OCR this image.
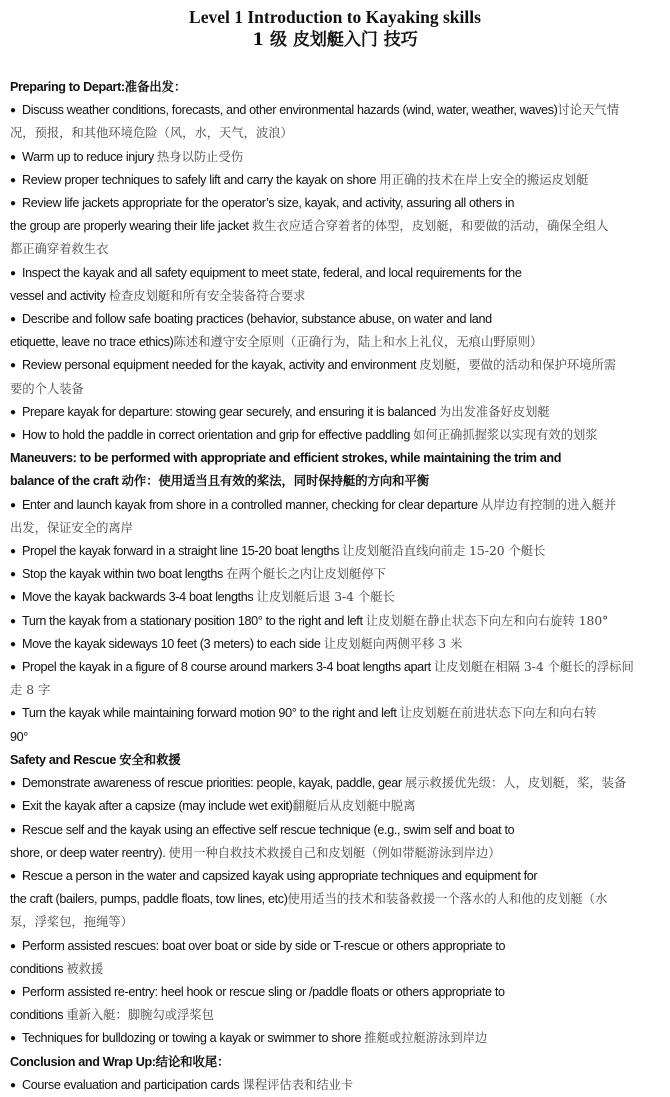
Level 1 Introduction to Kayaking skills
1 级 皮划艇入门 技巧
Preparing to Depart:准备出发：
● Discuss weather conditions, forecasts, and other environmental hazards (wind, water, weather, waves)讨论天气情
况，预报，和其他环境危险（风，水，天气，波浪）
● Warm up to reduce injury 热身以防止受伤
● Review proper techniques to safely lift and carry the kayak on shore 用正确的技术在岸上安全的搬运皮划艇
● Review life jackets appropriate for the operator’s size, kayak, and activity, assuring all others in
the group are properly wearing their life jacket 救生衣应适合穿着者的体型，皮划艇，和要做的活动，确保全组人
都正确穿着救生衣
● Inspect the kayak and all safety equipment to meet state, federal, and local requirements for the
vessel and activity 检查皮划艇和所有安全装备符合要求
● Describe and follow safe boating practices (behavior, substance abuse, on water and land
etiquette, leave no trace ethics)陈述和遵守安全原则（正确行为，陆上和水上礼仪，无痕山野原则）
● Review personal equipment needed for the kayak, activity and environment 皮划艇，要做的活动和保护环境所需
要的个人装备
● Prepare kayak for departure: stowing gear securely, and ensuring it is balanced 为出发准备好皮划艇
● How to hold the paddle in correct orientation and grip for effective paddling 如何正确抓握浆以实现有效的划浆
Maneuvers: to be performed with appropriate and efficient strokes, while maintaining the trim and
balance of the craft 动作：使用适当且有效的桨法，同时保持艇的方向和平衡
● Enter and launch kayak from shore in a controlled manner, checking for clear departure 从岸边有控制的进入艇并
出发，保证安全的离岸
● Propel the kayak forward in a straight line 15-20 boat lengths 让皮划艇沿直线向前走 15-20 个艇长
● Stop the kayak within two boat lengths 在两个艇长之内让皮划艇停下
● Move the kayak backwards 3-4 boat lengths 让皮划艇后退 3-4 个艇长
● Turn the kayak from a stationary position 180° to the right and left 让皮划艇在静止状态下向左和向右旋转 180°
● Move the kayak sideways 10 feet (3 meters) to each side 让皮划艇向两侧平移 3 米
● Propel the kayak in a figure of 8 course around markers 3-4 boat lengths apart 让皮划艇在相隔 3-4 个艇长的浮标间
走 8 字
● Turn the kayak while maintaining forward motion 90° to the right and left 让皮划艇在前进状态下向左和向右转
90°
Safety and Rescue 安全和救援
● Demonstrate awareness of rescue priorities: people, kayak, paddle, gear 展示救援优先级：人，皮划艇，桨，装备
● Exit the kayak after a capsize (may include wet exit)翻艇后从皮划艇中脱离
● Rescue self and the kayak using an effective self rescue technique (e.g., swim self and boat to
shore, or deep water reentry). 使用一种自救技术救援自己和皮划艇（例如带艇游泳到岸边）
● Rescue a person in the water and capsized kayak using appropriate techniques and equipment for
the craft (bailers, pumps, paddle floats, tow lines, etc)使用适当的技术和装备救援一个落水的人和他的皮划艇（水
泵，浮桨包，拖绳等）
● Perform assisted rescues: boat over boat or side by side or T-rescue or others appropriate to
conditions 被救援
● Perform assisted re-entry: heel hook or rescue sling or /paddle floats or others appropriate to
conditions 重新入艇：脚腕勾或浮桨包
● Techniques for bulldozing or towing a kayak or swimmer to shore 推艇或拉艇游泳到岸边
Conclusion and Wrap Up:结论和收尾：
● Course evaluation and participation cards 课程评估表和结业卡
